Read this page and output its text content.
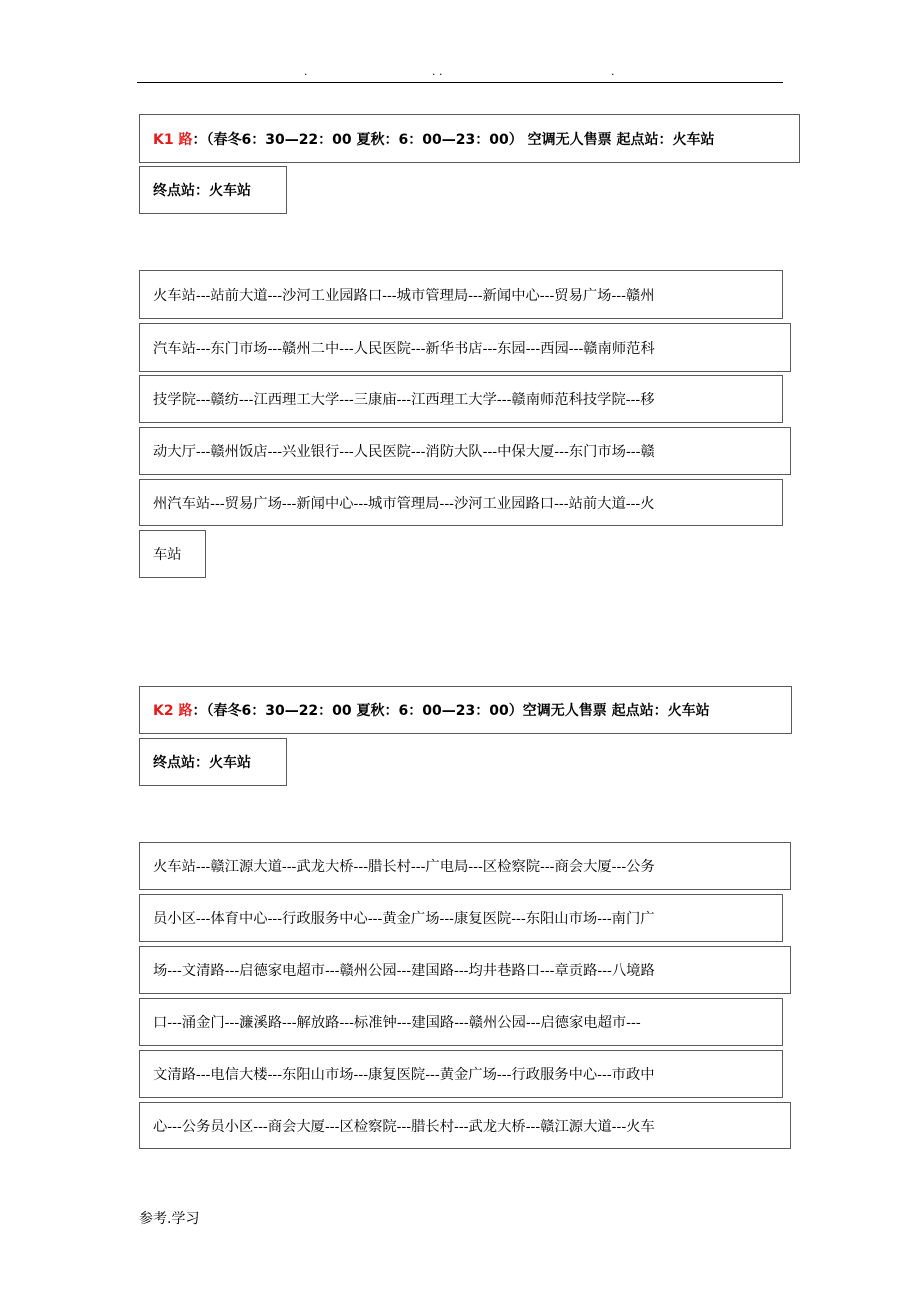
.	. .	.
K1 路 ：（春冬6：30—22：00 夏秋：6：00—23：00） 空调无人售票 起点站：火车站
终点站：火车站
火车站---站前大道---沙河工业园路口---城市管理局---新闻中心---贸易广场---赣州
汽车站---东门市场---赣州二中---人民医院---新华书店---东园---西园---赣南师范科
技学院---赣纺---江西理工大学---三康庙---江西理工大学---赣南师范科技学院---移
动大厅---赣州饭店---兴业银行---人民医院---消防大队---中保大厦---东门市场---赣
州汽车站---贸易广场---新闻中心---城市管理局---沙河工业园路口---站前大道---火
车站
K2 路 ：（春冬6：30—22：00 夏秋：6：00—23：00）空调无人售票 起点站：火车站
终点站：火车站
火车站---赣江源大道---武龙大桥---腊长村---广电局---区检察院---商会大厦---公务
员小区---体育中心---行政服务中心---黄金广场---康复医院---东阳山市场---南门广
场---文清路---启德家电超市---赣州公园---建国路---均井巷路口---章贡路---八境路
口---涌金门---濂溪路---解放路---标准钟---建国路---赣州公园---启德家电超市---
文清路---电信大楼---东阳山市场---康复医院---黄金广场---行政服务中心---市政中
心---公务员小区---商会大厦---区检察院---腊长村---武龙大桥---赣江源大道---火车
参考.学习
